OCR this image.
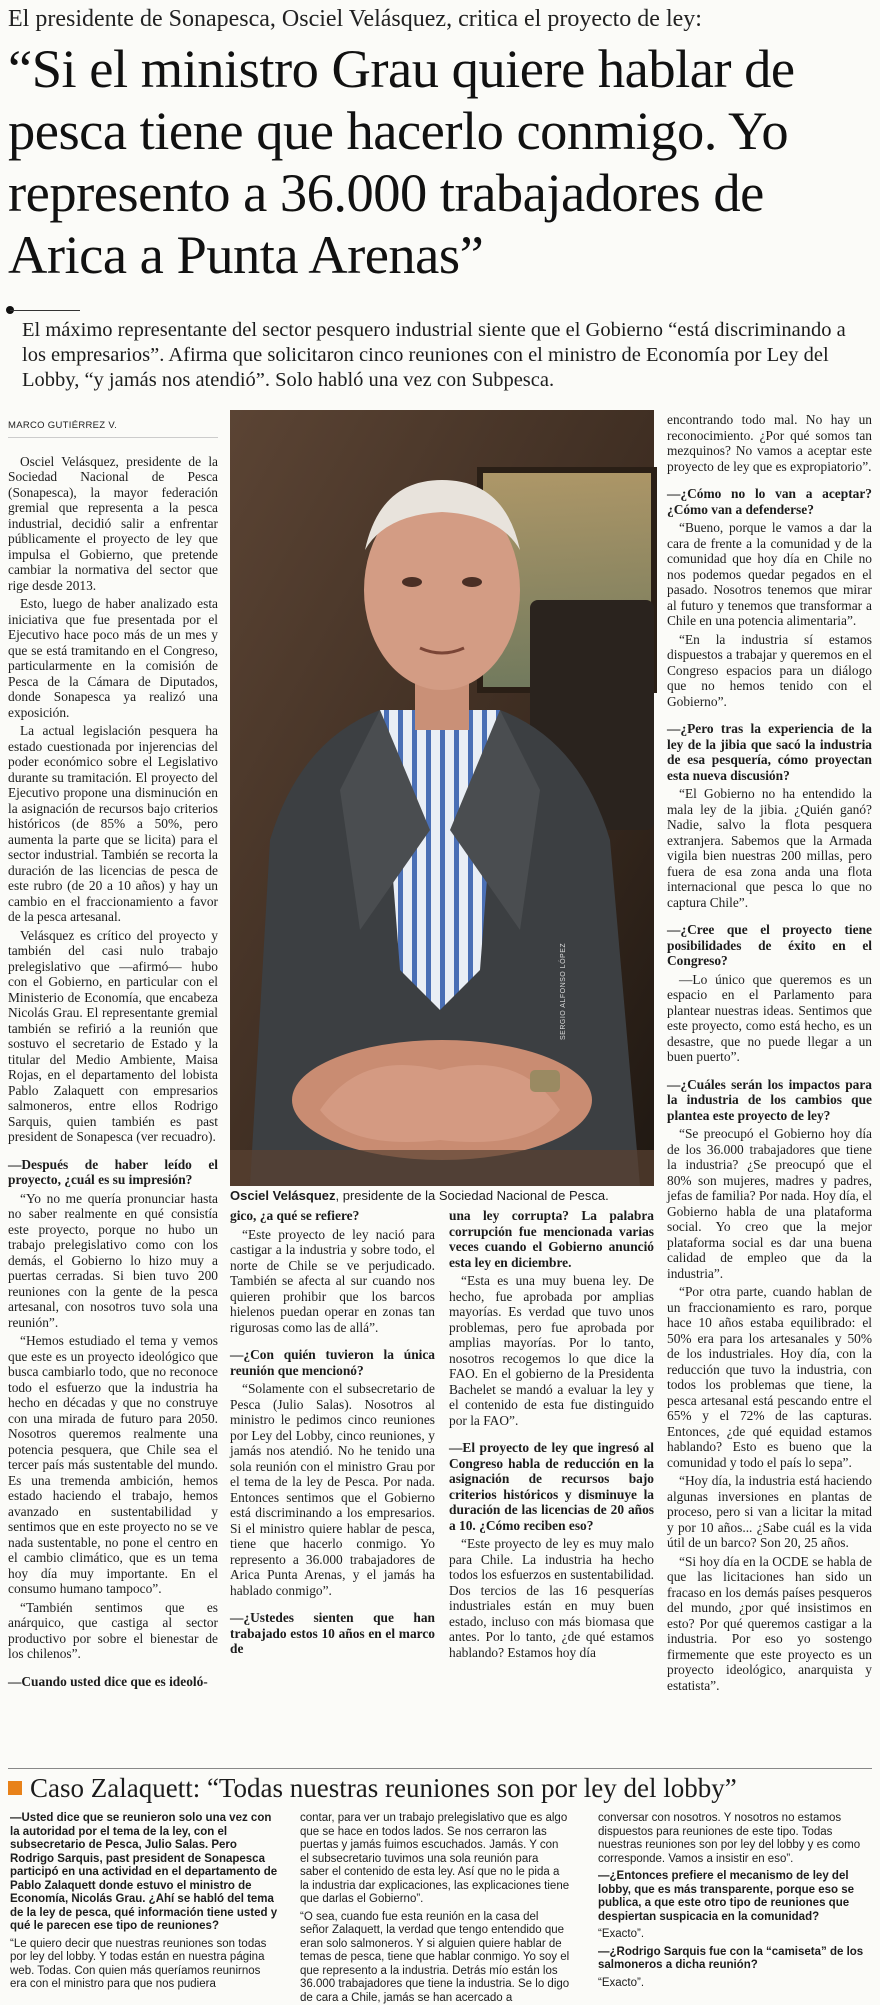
El presidente de Sonapesca, Osciel Velásquez, critica el proyecto de ley:
“Si el ministro Grau quiere hablar de pesca tiene que hacerlo conmigo. Yo represento a 36.000 trabajadores de Arica a Punta Arenas”
El máximo representante del sector pesquero industrial siente que el Gobierno “está discriminando a los empresarios”. Afirma que solicitaron cinco reuniones con el ministro de Economía por Ley del Lobby, “y jamás nos atendió”. Solo habló una vez con Subpesca.
MARCO GUTIÉRREZ V.

Osciel Velásquez, presidente de la Sociedad Nacional de Pesca (Sonapesca), la mayor federación gremial que representa a la pesca industrial, decidió salir a enfrentar públicamente el proyecto de ley que impulsa el Gobierno, que pretende cambiar la normativa del sector que rige desde 2013.

Esto, luego de haber analizado esta iniciativa que fue presentada por el Ejecutivo hace poco más de un mes y que se está tramitando en el Congreso, particularmente en la comisión de Pesca de la Cámara de Diputados, donde Sonapesca ya realizó una exposición.

La actual legislación pesquera ha estado cuestionada por injerencias del poder económico sobre el Legislativo durante su tramitación. El proyecto del Ejecutivo propone una disminución en la asignación de recursos bajo criterios históricos (de 85% a 50%, pero aumenta la parte que se licita) para el sector industrial. También se recorta la duración de las licencias de pesca de este rubro (de 20 a 10 años) y hay un cambio en el fraccionamiento a favor de la pesca artesanal.

Velásquez es crítico del proyecto y también del casi nulo trabajo prelegislativo que —afirmó— hubo con el Gobierno, en particular con el Ministerio de Economía, que encabeza Nicolás Grau. El representante gremial también se refirió a la reunión que sostuvo el secretario de Estado y la titular del Medio Ambiente, Maisa Rojas, en el departamento del lobista Pablo Zalaquett con empresarios salmoneros, entre ellos Rodrigo Sarquis, quien también es past president de Sonapesca (ver recuadro).

—Después de haber leído el proyecto, ¿cuál es su impresión?

“Yo no me quería pronunciar hasta no saber realmente en qué consistía este proyecto, porque no hubo un trabajo prelegislativo como con los demás, el Gobierno lo hizo muy a puertas cerradas. Si bien tuvo 200 reuniones con la gente de la pesca artesanal, con nosotros tuvo sola una reunión”.

“Hemos estudiado el tema y vemos que este es un proyecto ideológico que busca cambiarlo todo, que no reconoce todo el esfuerzo que la industria ha hecho en décadas y que no construye con una mirada de futuro para 2050. Nosotros queremos realmente una potencia pesquera, que Chile sea el tercer país más sustentable del mundo. Es una tremenda ambición, hemos estado haciendo el trabajo, hemos avanzado en sustentabilidad y sentimos que en este proyecto no se ve nada sustentable, no pone el centro en el cambio climático, que es un tema hoy día muy importante. En el consumo humano tampoco”.

“También sentimos que es anárquico, que castiga al sector productivo por sobre el bienestar de los chilenos”.

—Cuando usted dice que es ideoló-

SERGIO ALFONSO LÓPEZ
Osciel Velásquez, presidente de la Sociedad Nacional de Pesca.

gico, ¿a qué se refiere?

“Este proyecto de ley nació para castigar a la industria y sobre todo, el norte de Chile se ve perjudicado. También se afecta al sur cuando nos quieren prohibir que los barcos hielenos puedan operar en zonas tan rigurosas como las de allá”.

—¿Con quién tuvieron la única reunión que mencionó?

“Solamente con el subsecretario de Pesca (Julio Salas). Nosotros al ministro le pedimos cinco reuniones por Ley del Lobby, cinco reuniones, y jamás nos atendió. No he tenido una sola reunión con el ministro Grau por el tema de la ley de Pesca. Por nada. Entonces sentimos que el Gobierno está discriminando a los empresarios. Si el ministro quiere hablar de pesca, tiene que hacerlo conmigo. Yo represento a 36.000 trabajadores de Arica Punta Arenas, y el jamás ha hablado conmigo”.

—¿Ustedes sienten que han trabajado estos 10 años en el marco de

una ley corrupta? La palabra corrupción fue mencionada varias veces cuando el Gobierno anunció esta ley en diciembre.

“Esta es una muy buena ley. De hecho, fue aprobada por amplias mayorías. Es verdad que tuvo unos problemas, pero fue aprobada por amplias mayorías. Por lo tanto, nosotros recogemos lo que dice la FAO. En el gobierno de la Presidenta Bachelet se mandó a evaluar la ley y el contenido de esta fue distinguido por la FAO”.

—El proyecto de ley que ingresó al Congreso habla de reducción en la asignación de recursos bajo criterios históricos y disminuye la duración de las licencias de 20 años a 10. ¿Cómo reciben eso?

“Este proyecto de ley es muy malo para Chile. La industria ha hecho todos los esfuerzos en sustentabilidad. Dos tercios de las 16 pesquerías industriales están en muy buen estado, incluso con más biomasa que antes. Por lo tanto, ¿de qué estamos hablando? Estamos hoy día

encontrando todo mal. No hay un reconocimiento. ¿Por qué somos tan mezquinos? No vamos a aceptar este proyecto de ley que es expropiatorio”.

—¿Cómo no lo van a aceptar? ¿Cómo van a defenderse?

“Bueno, porque le vamos a dar la cara de frente a la comunidad y de la comunidad que hoy día en Chile no nos podemos quedar pegados en el pasado. Nosotros tenemos que mirar al futuro y tenemos que transformar a Chile en una potencia alimentaria”.

“En la industria sí estamos dispuestos a trabajar y queremos en el Congreso espacios para un diálogo que no hemos tenido con el Gobierno”.

—¿Pero tras la experiencia de la ley de la jibia que sacó la industria de esa pesquería, cómo proyectan esta nueva discusión?

“El Gobierno no ha entendido la mala ley de la jibia. ¿Quién ganó? Nadie, salvo la flota pesquera extranjera. Sabemos que la Armada vigila bien nuestras 200 millas, pero fuera de esa zona anda una flota internacional que pesca lo que no captura Chile”.

—¿Cree que el proyecto tiene posibilidades de éxito en el Congreso?

—Lo único que queremos es un espacio en el Parlamento para plantear nuestras ideas. Sentimos que este proyecto, como está hecho, es un desastre, que no puede llegar a un buen puerto”.

—¿Cuáles serán los impactos para la industria de los cambios que plantea este proyecto de ley?

“Se preocupó el Gobierno hoy día de los 36.000 trabajadores que tiene la industria? ¿Se preocupó que el 80% son mujeres, madres y padres, jefas de familia? Por nada. Hoy día, el Gobierno habla de una plataforma social. Yo creo que la mejor plataforma social es dar una buena calidad de empleo que da la industria”.

“Por otra parte, cuando hablan de un fraccionamiento es raro, porque hace 10 años estaba equilibrado: el 50% era para los artesanales y 50% de los industriales. Hoy día, con la reducción que tuvo la industria, con todos los problemas que tiene, la pesca artesanal está pescando entre el 65% y el 72% de las capturas. Entonces, ¿de qué equidad estamos hablando? Esto es bueno que la comunidad y todo el país lo sepa”.

“Hoy día, la industria está haciendo algunas inversiones en plantas de proceso, pero si van a licitar la mitad y por 10 años... ¿Sabe cuál es la vida útil de un barco? Son 20, 25 años.

“Si hoy día en la OCDE se habla de que las licitaciones han sido un fracaso en los demás países pesqueros del mundo, ¿por qué insistimos en esto? Por qué queremos castigar a la industria. Por eso yo sostengo firmemente que este proyecto es un proyecto ideológico, anarquista y estatista”.

Caso Zalaquett: “Todas nuestras reuniones son por ley del lobby”

—Usted dice que se reunieron solo una vez con la autoridad por el tema de la ley, con el subsecretario de Pesca, Julio Salas. Pero Rodrigo Sarquis, past president de Sonapesca participó en una actividad en el departamento de Pablo Zalaquett donde estuvo el ministro de Economía, Nicolás Grau. ¿Ahí se habló del tema de la ley de pesca, qué información tiene usted y qué le parecen ese tipo de reuniones?

“Le quiero decir que nuestras reuniones son todas por ley del lobby. Y todas están en nuestra página web. Todas. Con quien más queríamos reunirnos era con el ministro para que nos pudiera

contar, para ver un trabajo prelegislativo que es algo que se hace en todos lados. Se nos cerraron las puertas y jamás fuimos escuchados. Jamás. Y con el subsecretario tuvimos una sola reunión para saber el contenido de esta ley. Así que no le pida a la industria dar explicaciones, las explicaciones tiene que darlas el Gobierno”.

“O sea, cuando fue esta reunión en la casa del señor Zalaquett, la verdad que tengo entendido que eran solo salmoneros. Y si alguien quiere hablar de temas de pesca, tiene que hablar conmigo. Yo soy el que represento a la industria. Detrás mío están los 36.000 trabajadores que tiene la industria. Se lo digo de cara a Chile, jamás se han acercado a

conversar con nosotros. Y nosotros no estamos dispuestos para reuniones de este tipo. Todas nuestras reuniones son por ley del lobby y es como corresponde. Vamos a insistir en eso”.

—¿Entonces prefiere el mecanismo de ley del lobby, que es más transparente, porque eso se publica, a que este otro tipo de reuniones que despiertan suspicacia en la comunidad?

“Exacto”.

—¿Rodrigo Sarquis fue con la “camiseta” de los salmoneros a dicha reunión?

“Exacto”.
